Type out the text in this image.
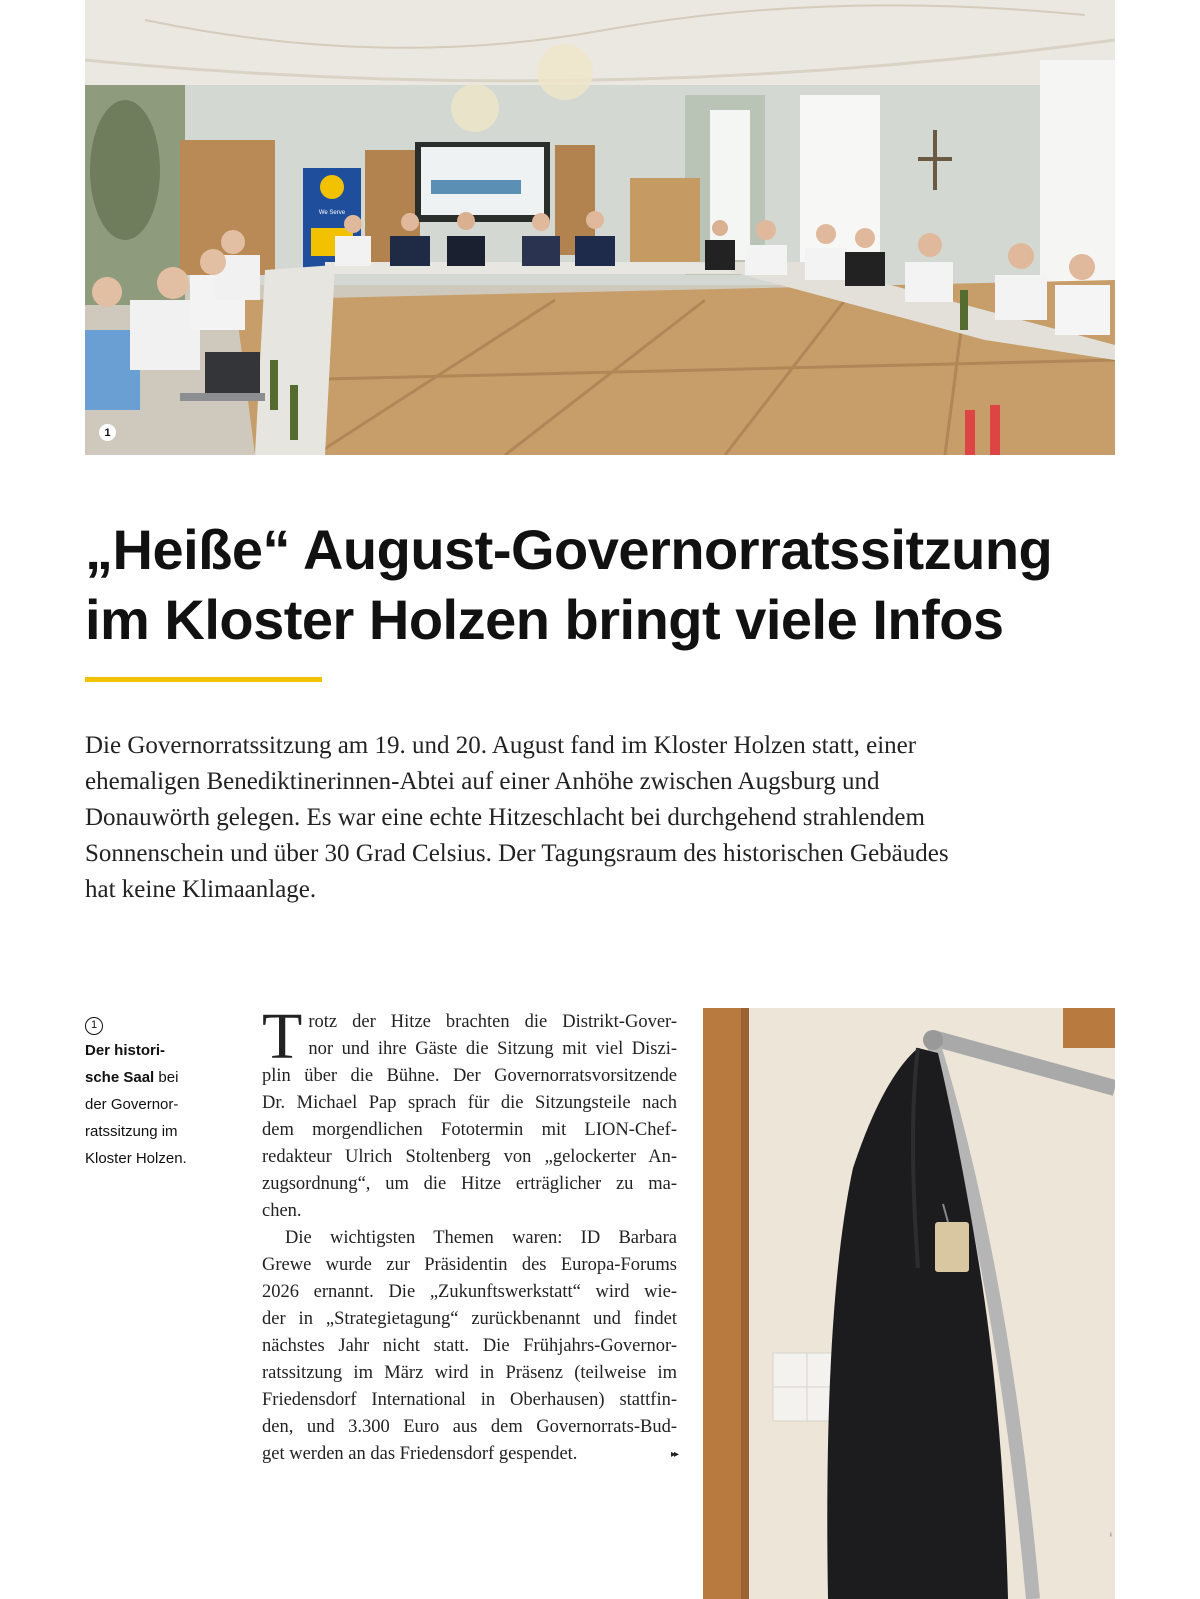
We Serve
1
„Heiße“ August-Governorratssitzung
im Kloster Holzen bringt viele Infos
Die Governorratssitzung am 19. und 20. August fand im Kloster Holzen statt, einer
ehemaligen Benediktinerinnen-Abtei auf einer Anhöhe zwischen Augsburg und
Donauwörth gelegen. Es war eine echte Hitzeschlacht bei durchgehend strahlendem
Sonnenschein und über 30 Grad Celsius. Der Tagungsraum des historischen Gebäudes
hat keine Klimaanlage.
1
Der histori-
sche Saal bei
der Governor-
ratssitzung im
Kloster Holzen.
T rotz der Hitze brachten die Distrikt-Gover-
nor und ihre Gäste die Sitzung mit viel Diszi-
plin über die Bühne. Der Governorratsvorsitzende
Dr. Michael Pap sprach für die Sitzungsteile nach
dem morgendlichen Fototermin mit LION-Chef-
redakteur Ulrich Stoltenberg von „gelockerter An-
zugsordnung“, um die Hitze erträglicher zu ma-
chen.
Die wichtigsten Themen waren: ID Barbara
Grewe wurde zur Präsidentin des Europa-Forums
2026 ernannt. Die „Zukunftswerkstatt“ wird wie-
der in „Strategietagung“ zurückbenannt und findet
nächstes Jahr nicht statt. Die Frühjahrs-Governor-
ratssitzung im März wird in Präsenz (teilweise im
Friedensdorf International in Oberhausen) stattfin-
den, und 3.300 Euro aus dem Governorrats-Bud-
get werden an das Friedensdorf gespendet.	▸▸
ⁱ
